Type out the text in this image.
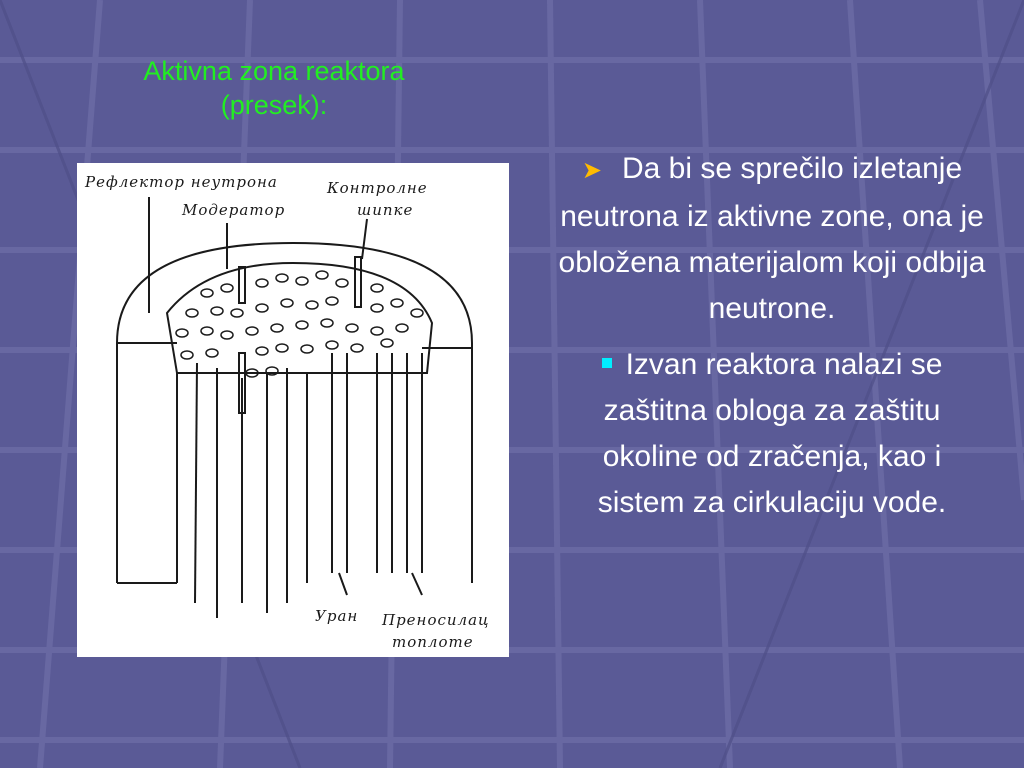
Aktivna zona reaktora
(presek):
Рефлектор неутрона	Контролне
шипке
Модератор
Уран Преносилац
топлоте

➤ Da bi se sprečilo izletanje neutrona iz aktivne zone, ona je obložena materijalom koji odbija neutrone.

Izvan reaktora nalazi se zaštitna obloga za zaštitu okoline od zračenja, kao i sistem za cirkulaciju vode.
